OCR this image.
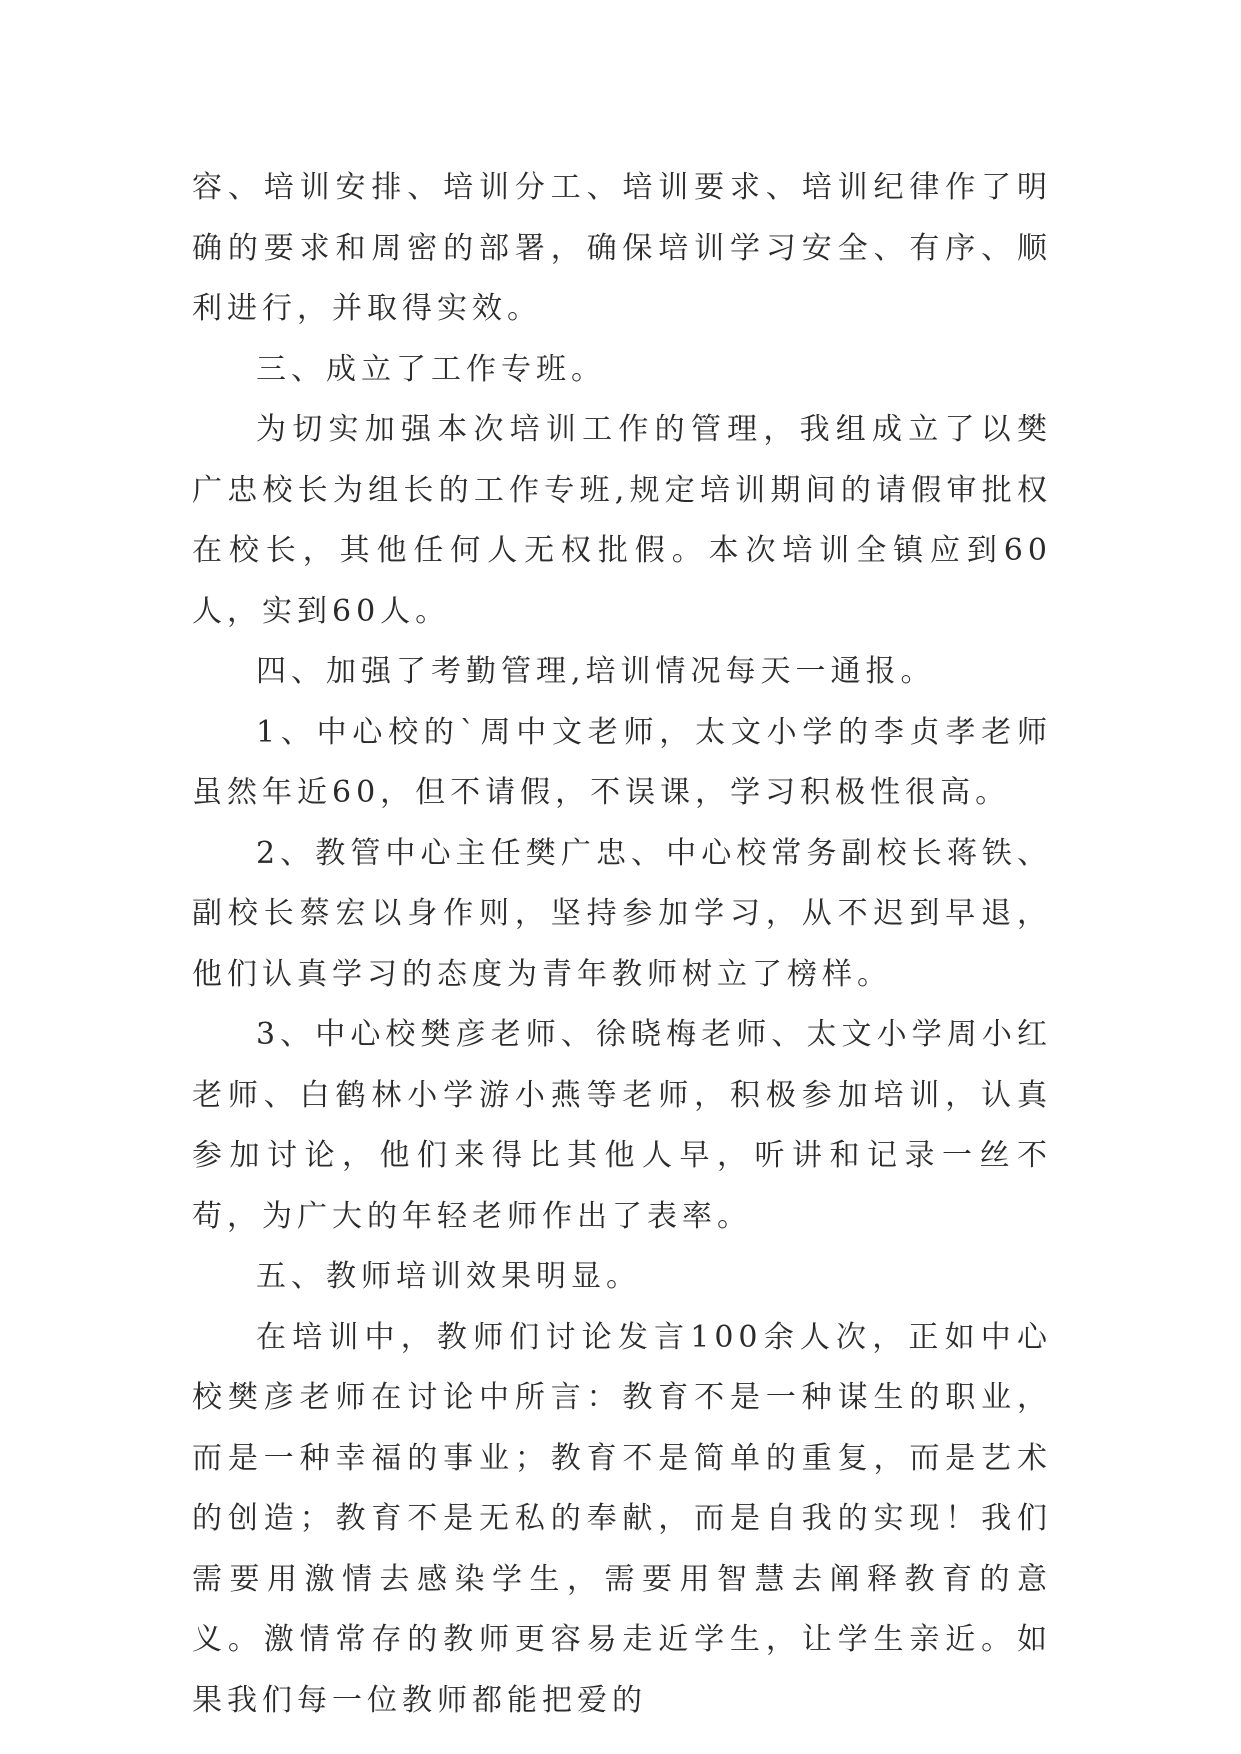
容、培训安排、培训分工、培训要求、培训纪律作了明确的要求和周密的部署，确保培训学习安全、有序、顺利进行，并取得实效。

三、成立了工作专班。

为切实加强本次培训工作的管理，我组成立了以樊广忠校长为组长的工作专班,规定培训期间的请假审批权在校长，其他任何人无权批假。本次培训全镇应到60人，实到60人。

四、加强了考勤管理,培训情况每天一通报。

1、中心校的`周中文老师，太文小学的李贞孝老师虽然年近60，但不请假，不误课，学习积极性很高。

2、教管中心主任樊广忠、中心校常务副校长蒋铁、副校长蔡宏以身作则，坚持参加学习，从不迟到早退，他们认真学习的态度为青年教师树立了榜样。

3、中心校樊彦老师、徐晓梅老师、太文小学周小红老师、白鹤林小学游小燕等老师，积极参加培训，认真参加讨论，他们来得比其他人早，听讲和记录一丝不苟，为广大的年轻老师作出了表率。

五、教师培训效果明显。

在培训中，教师们讨论发言100余人次，正如中心校樊彦老师在讨论中所言：教育不是一种谋生的职业，而是一种幸福的事业；教育不是简单的重复，而是艺术的创造；教育不是无私的奉献，而是自我的实现！我们需要用激情去感染学生，需要用智慧去阐释教育的意义。激情常存的教师更容易走近学生，让学生亲近。如果我们每一位教师都能把爱的
